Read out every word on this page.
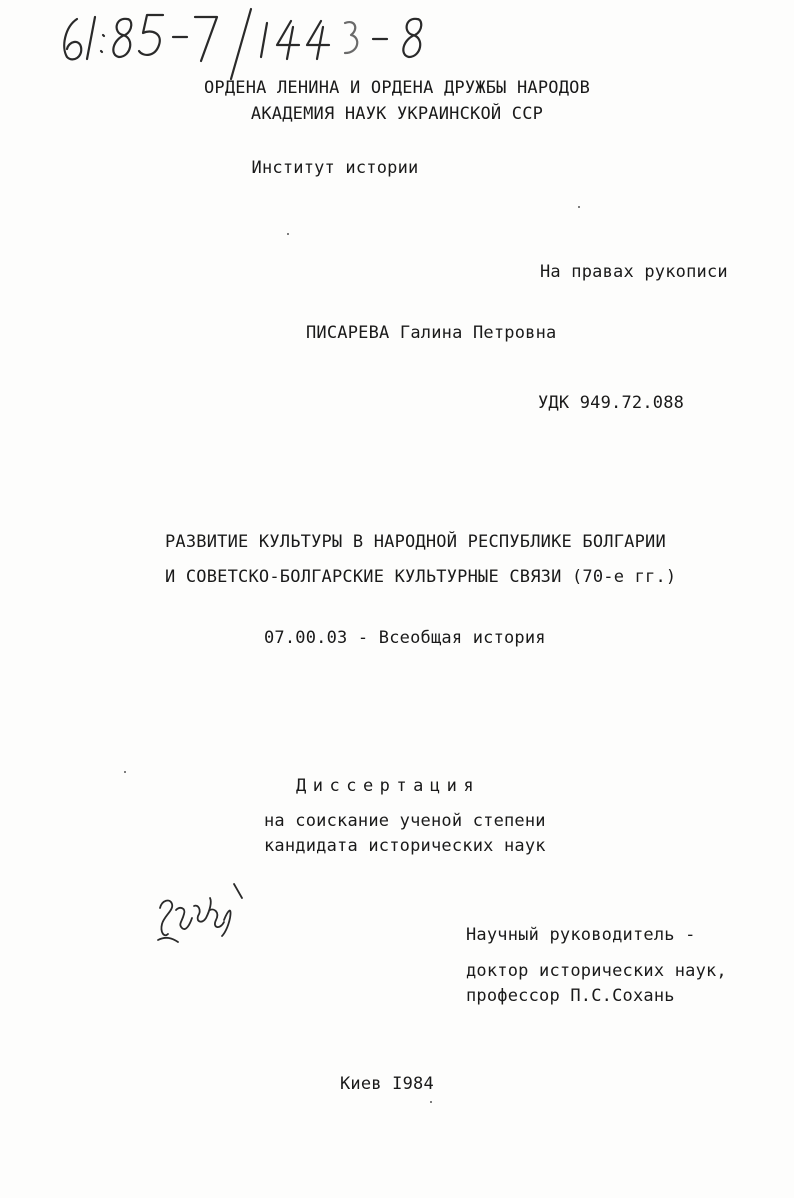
ОРДЕНА ЛЕНИНА И ОРДЕНА ДРУЖБЫ НАРОДОВ
АКАДЕМИЯ НАУК УКРАИНСКОЙ ССР
Институт истории
На правах рукописи
ПИСАРЕВА Галина Петровна
УДК 949.72.088
РАЗВИТИЕ КУЛЬТУРЫ В НАРОДНОЙ РЕСПУБЛИКЕ БОЛГАРИИ
И СОВЕТСКО-БОЛГАРСКИЕ КУЛЬТУРНЫЕ СВЯЗИ (70-е гг.)
07.00.03 - Всеобщая история
Диссертация
на соискание ученой степени
кандидата исторических наук
Научный руководитель -
доктор исторических наук,
профессор П.С.Сохань
Киев I984
